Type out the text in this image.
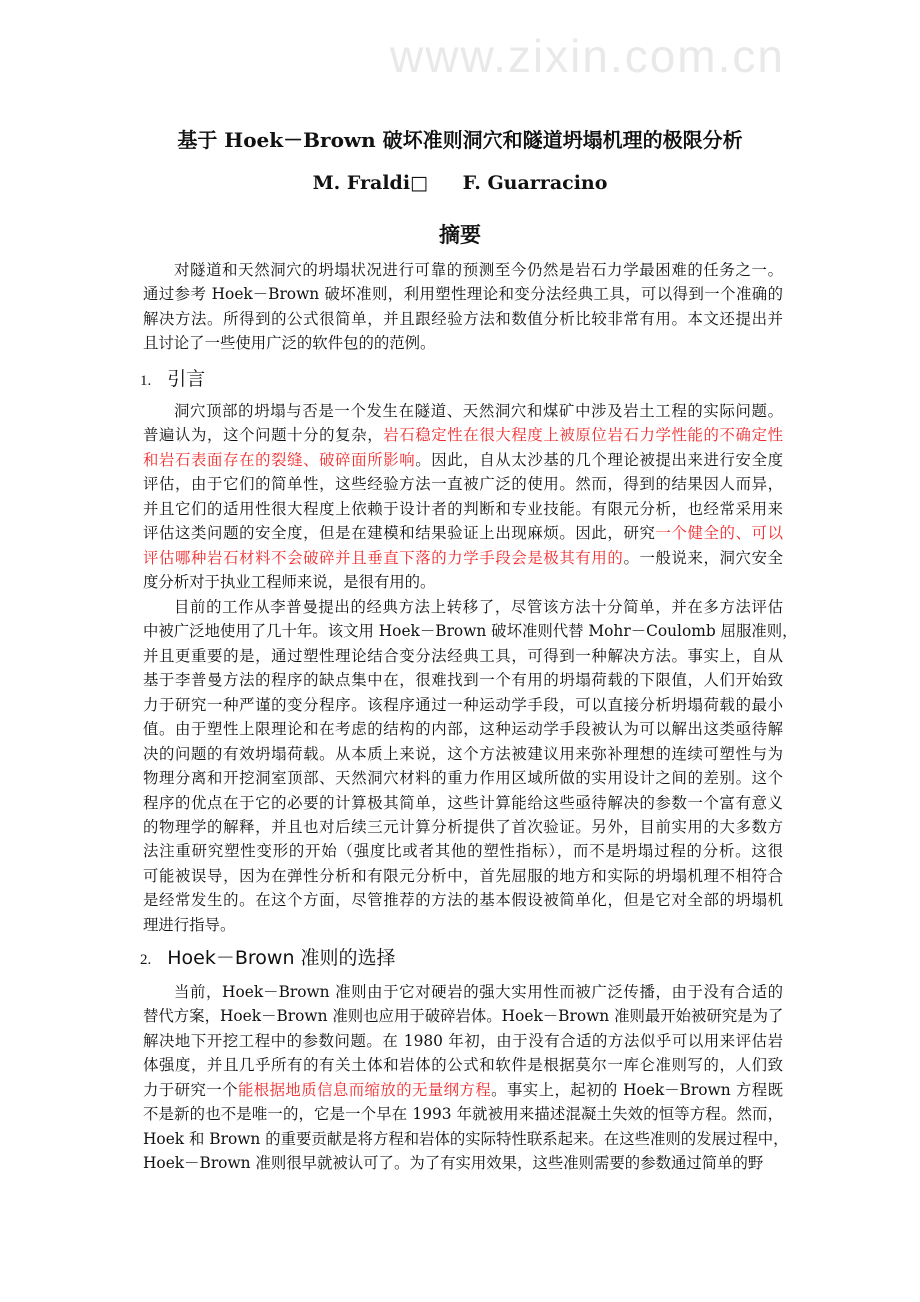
www.zixin.com.cn
基于 Hoek－Brown 破坏准则洞穴和隧道坍塌机理的极限分析
M. Fraldi□ F. Guarracino
摘要
对隧道和天然洞穴的坍塌状况进行可靠的预测至今仍然是岩石力学最困难的任务之一。
通过参考 Hoek－Brown 破坏准则，利用塑性理论和变分法经典工具，可以得到一个准确的
解决方法。所得到的公式很简单，并且跟经验方法和数值分析比较非常有用。本文还提出并
且讨论了一些使用广泛的软件包的的范例。
1. 引言
洞穴顶部的坍塌与否是一个发生在隧道、天然洞穴和煤矿中涉及岩土工程的实际问题。
普遍认为，这个问题十分的复杂，岩石稳定性在很大程度上被原位岩石力学性能的不确定性
和岩石表面存在的裂缝、破碎面所影响。因此，自从太沙基的几个理论被提出来进行安全度
评估，由于它们的简单性，这些经验方法一直被广泛的使用。然而，得到的结果因人而异，
并且它们的适用性很大程度上依赖于设计者的判断和专业技能。有限元分析，也经常采用来
评估这类问题的安全度，但是在建模和结果验证上出现麻烦。因此，研究一个健全的、可以
评估哪种岩石材料不会破碎并且垂直下落的力学手段会是极其有用的。一般说来，洞穴安全
度分析对于执业工程师来说，是很有用的。
目前的工作从李普曼提出的经典方法上转移了，尽管该方法十分简单，并在多方法评估
中被广泛地使用了几十年。该文用 Hoek－Brown 破坏准则代替 Mohr－Coulomb 屈服准则，
并且更重要的是，通过塑性理论结合变分法经典工具，可得到一种解决方法。事实上，自从
基于李普曼方法的程序的缺点集中在，很难找到一个有用的坍塌荷载的下限值，人们开始致
力于研究一种严谨的变分程序。该程序通过一种运动学手段，可以直接分析坍塌荷载的最小
值。由于塑性上限理论和在考虑的结构的内部，这种运动学手段被认为可以解出这类亟待解
决的问题的有效坍塌荷载。从本质上来说，这个方法被建议用来弥补理想的连续可塑性与为
物理分离和开挖洞室顶部、天然洞穴材料的重力作用区域所做的实用设计之间的差别。这个
程序的优点在于它的必要的计算极其简单，这些计算能给这些亟待解决的参数一个富有意义
的物理学的解释，并且也对后续三元计算分析提供了首次验证。另外，目前实用的大多数方
法注重研究塑性变形的开始（强度比或者其他的塑性指标），而不是坍塌过程的分析。这很
可能被误导，因为在弹性分析和有限元分析中，首先屈服的地方和实际的坍塌机理不相符合
是经常发生的。在这个方面，尽管推荐的方法的基本假设被简单化，但是它对全部的坍塌机
理进行指导。
2. Hoek－Brown 准则的选择
当前，Hoek－Brown 准则由于它对硬岩的强大实用性而被广泛传播，由于没有合适的
替代方案，Hoek－Brown 准则也应用于破碎岩体。Hoek－Brown 准则最开始被研究是为了
解决地下开挖工程中的参数问题。在 1980 年初，由于没有合适的方法似乎可以用来评估岩
体强度，并且几乎所有的有关土体和岩体的公式和软件是根据莫尔一库仑准则写的，人们致
力于研究一个能根据地质信息而缩放的无量纲方程。事实上，起初的 Hoek－Brown 方程既
不是新的也不是唯一的，它是一个早在 1993 年就被用来描述混凝土失效的恒等方程。然而，
Hoek 和 Brown 的重要贡献是将方程和岩体的实际特性联系起来。在这些准则的发展过程中，
Hoek－Brown 准则很早就被认可了。为了有实用效果，这些准则需要的参数通过简单的野
